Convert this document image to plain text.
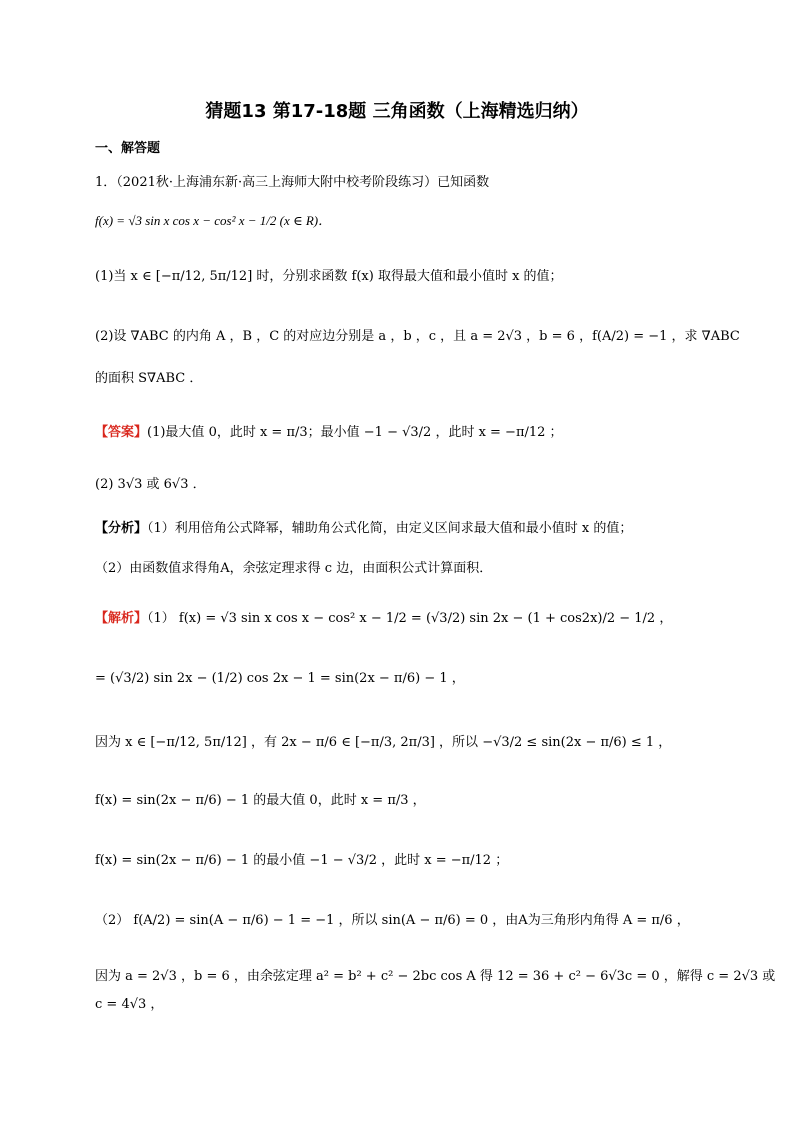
猜题13 第17-18题 三角函数（上海精选归纳）
一、解答题
1．（2021秋·上海浦东新·高三上海师大附中校考阶段练习）已知函数
f(x) = √3 sin x cos x − cos² x − 1/2 (x ∈ R)．
(1)当 x ∈ [−π/12, 5π/12] 时，分别求函数 f(x) 取得最大值和最小值时 x 的值；
(2)设 ∇ABC 的内角 A ，B ，C 的对应边分别是 a ，b ，c ，且 a = 2√3 ，b = 6 ，f(A/2) = −1 ，求 ∇ABC
的面积 S∇ABC ．
【答案】(1)最大值 0，此时 x = π/3；最小值 −1 − √3/2 ，此时 x = −π/12 ；
(2) 3√3 或 6√3 ．
【分析】（1）利用倍角公式降幂，辅助角公式化简，由定义区间求最大值和最小值时 x 的值；
（2）由函数值求得角A，余弦定理求得 c 边，由面积公式计算面积．
【解析】（1） f(x) = √3 sin x cos x − cos² x − 1/2 = (√3/2) sin 2x − (1 + cos2x)/2 − 1/2 ，
= (√3/2) sin 2x − (1/2) cos 2x − 1 = sin(2x − π/6) − 1 ，
因为 x ∈ [−π/12, 5π/12] ，有 2x − π/6 ∈ [−π/3, 2π/3] ，所以 −√3/2 ≤ sin(2x − π/6) ≤ 1 ，
f(x) = sin(2x − π/6) − 1 的最大值 0，此时 x = π/3 ，
f(x) = sin(2x − π/6) − 1 的最小值 −1 − √3/2 ，此时 x = −π/12 ；
（2） f(A/2) = sin(A − π/6) − 1 = −1 ，所以 sin(A − π/6) = 0 ，由A为三角形内角得 A = π/6 ，
因为 a = 2√3 ，b = 6 ，由余弦定理 a² = b² + c² − 2bc cos A 得 12 = 36 + c² − 6√3c = 0 ，解得 c = 2√3 或
c = 4√3 ，
